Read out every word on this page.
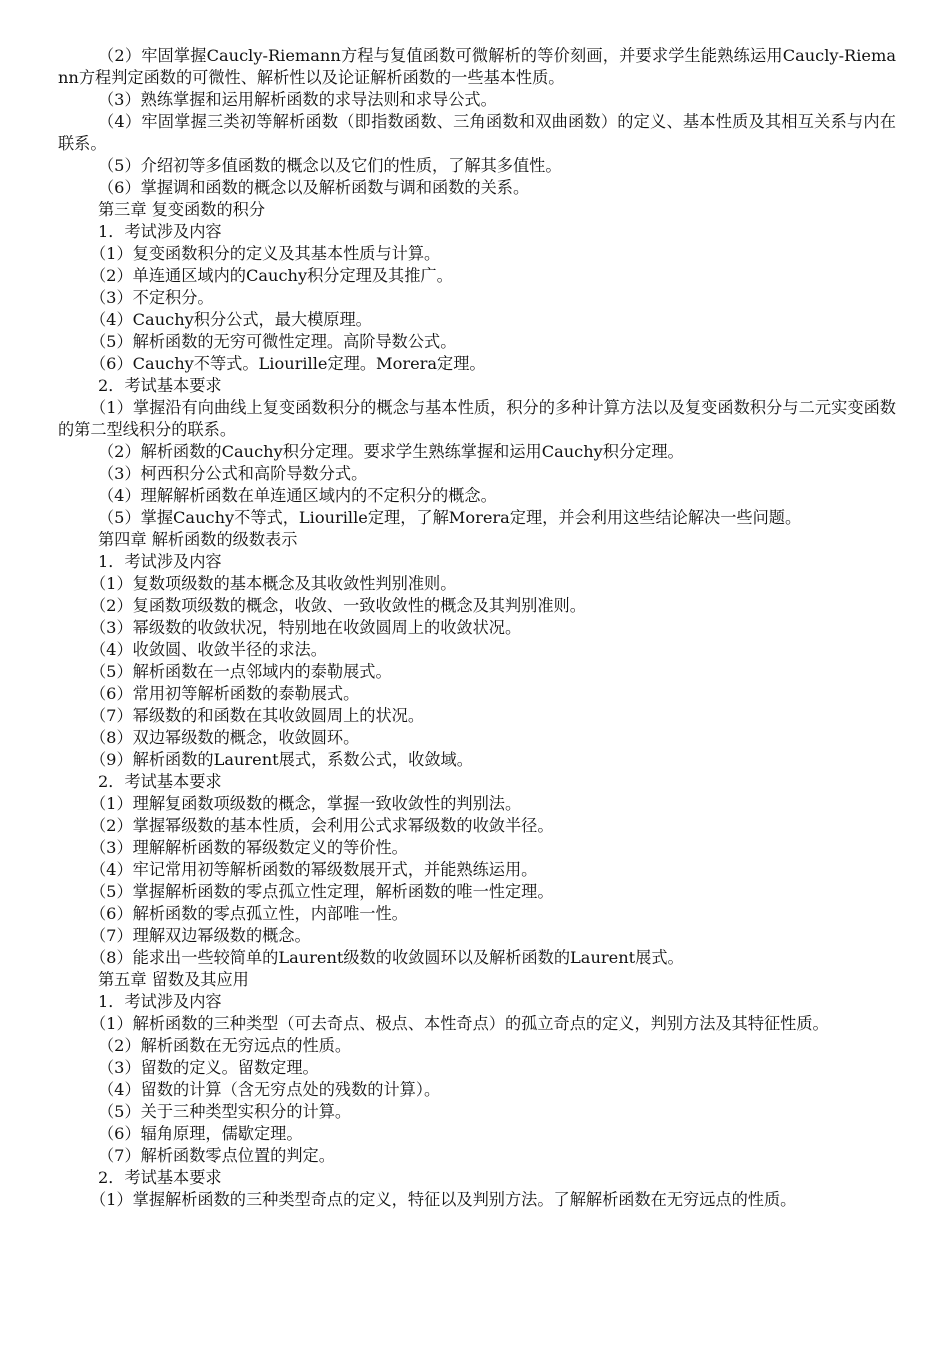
（2）牢固掌握Caucly-Riemann方程与复值函数可微解析的等价刻画，并要求学生能熟练运用Caucly-Riemann方程判定函数的可微性、解析性以及论证解析函数的一些基本性质。

（3）熟练掌握和运用解析函数的求导法则和求导公式。

（4）牢固掌握三类初等解析函数（即指数函数、三角函数和双曲函数）的定义、基本性质及其相互关系与内在联系。

（5）介绍初等多值函数的概念以及它们的性质，了解其多值性。

（6）掌握调和函数的概念以及解析函数与调和函数的关系。

第三章 复变函数的积分

1．考试涉及内容

（1）复变函数积分的定义及其基本性质与计算。

（2）单连通区域内的Cauchy积分定理及其推广。

（3）不定积分。

（4）Cauchy积分公式，最大模原理。

（5）解析函数的无穷可微性定理。高阶导数公式。

（6）Cauchy不等式。Liourille定理。Morera定理。

2．考试基本要求

（1）掌握沿有向曲线上复变函数积分的概念与基本性质，积分的多种计算方法以及复变函数积分与二元实变函数的第二型线积分的联系。

（2）解析函数的Cauchy积分定理。要求学生熟练掌握和运用Cauchy积分定理。

（3）柯西积分公式和高阶导数分式。

（4）理解解析函数在单连通区域内的不定积分的概念。

（5）掌握Cauchy不等式，Liourille定理，了解Morera定理，并会利用这些结论解决一些问题。

第四章 解析函数的级数表示

1．考试涉及内容

（1）复数项级数的基本概念及其收敛性判别准则。

（2）复函数项级数的概念，收敛、一致收敛性的概念及其判别准则。

（3）幂级数的收敛状况，特别地在收敛圆周上的收敛状况。

（4）收敛圆、收敛半径的求法。

（5）解析函数在一点邻域内的泰勒展式。

（6）常用初等解析函数的泰勒展式。

（7）幂级数的和函数在其收敛圆周上的状况。

（8）双边幂级数的概念，收敛圆环。

（9）解析函数的Laurent展式，系数公式，收敛域。

2．考试基本要求

（1）理解复函数项级数的概念，掌握一致收敛性的判别法。

（2）掌握幂级数的基本性质，会利用公式求幂级数的收敛半径。

（3）理解解析函数的幂级数定义的等价性。

（4）牢记常用初等解析函数的幂级数展开式，并能熟练运用。

（5）掌握解析函数的零点孤立性定理，解析函数的唯一性定理。

（6）解析函数的零点孤立性，内部唯一性。

（7）理解双边幂级数的概念。

（8）能求出一些较简单的Laurent级数的收敛圆环以及解析函数的Laurent展式。

第五章 留数及其应用

1．考试涉及内容

（1）解析函数的三种类型（可去奇点、极点、本性奇点）的孤立奇点的定义，判别方法及其特征性质。

（2）解析函数在无穷远点的性质。

（3）留数的定义。留数定理。

（4）留数的计算（含无穷点处的残数的计算）。

（5）关于三种类型实积分的计算。

（6）辐角原理，儒歇定理。

（7）解析函数零点位置的判定。

2．考试基本要求

（1）掌握解析函数的三种类型奇点的定义，特征以及判别方法。了解解析函数在无穷远点的性质。
